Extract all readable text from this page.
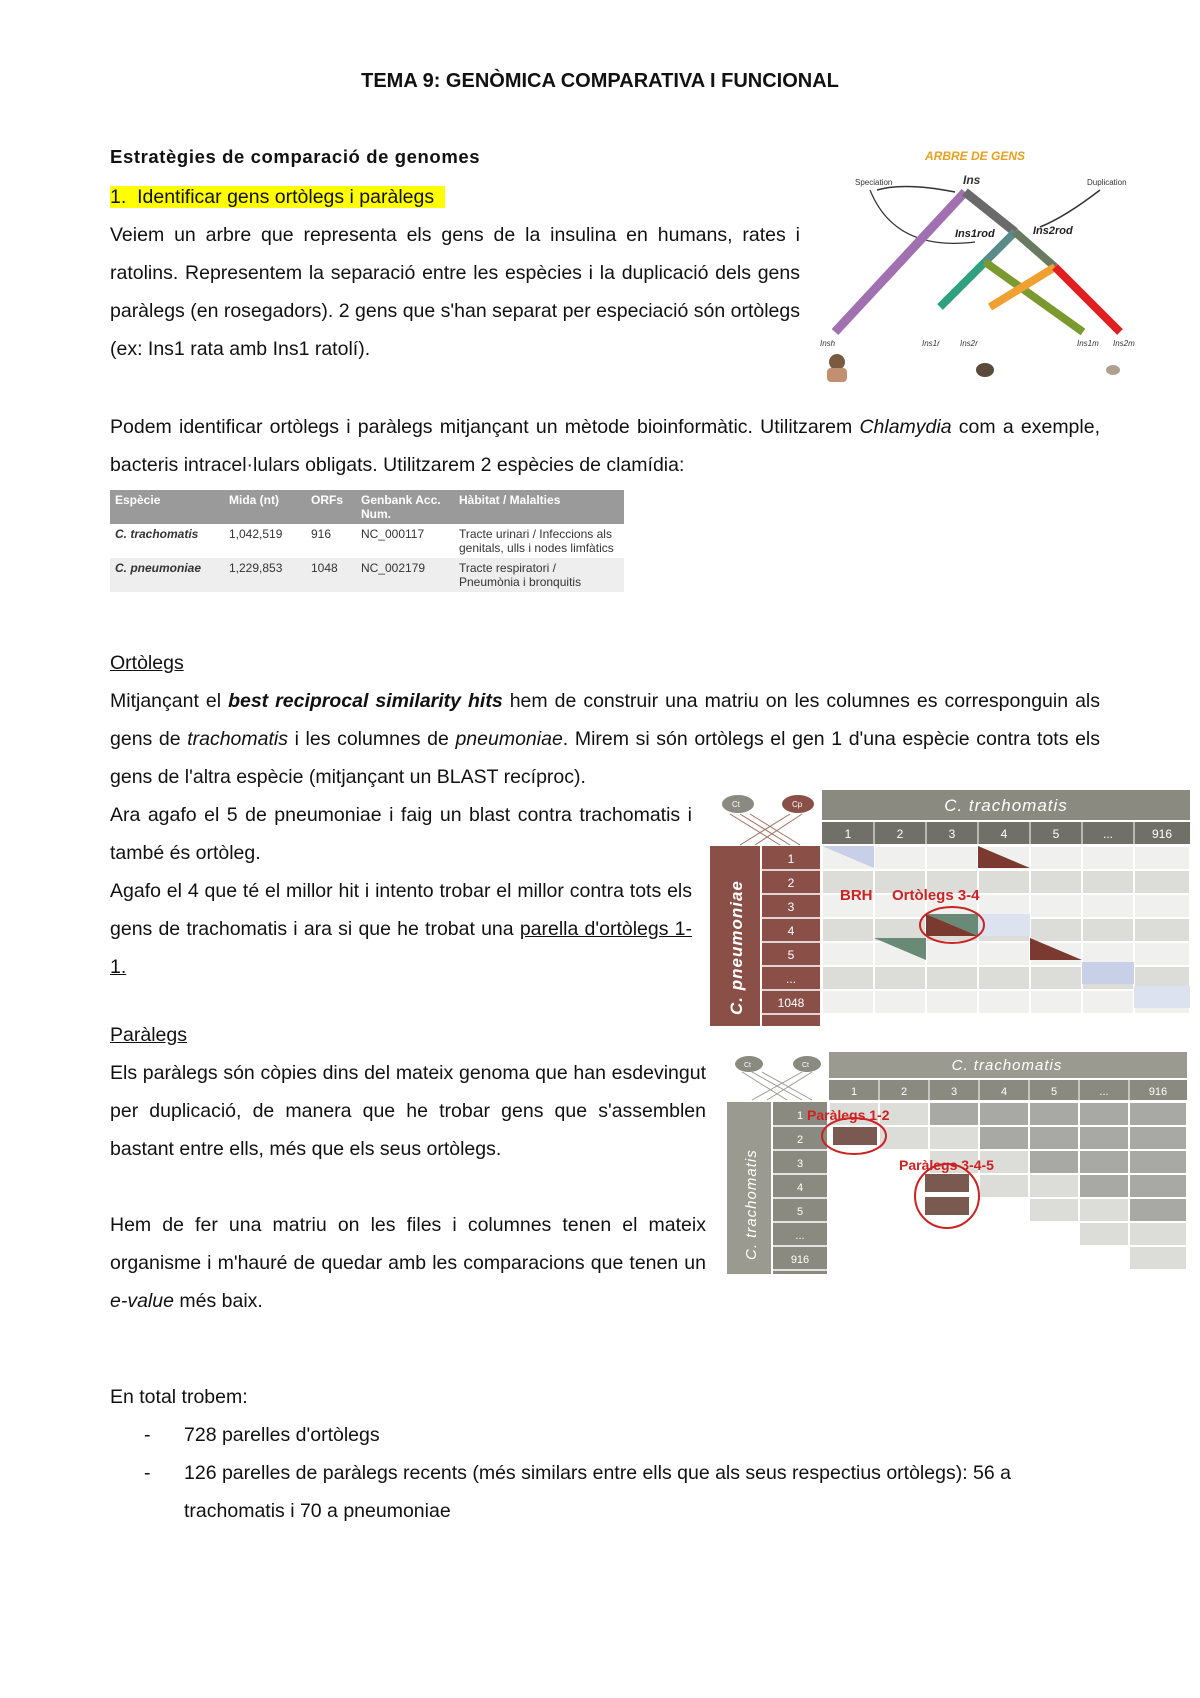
TEMA 9: GENÒMICA COMPARATIVA I FUNCIONAL
Estratègies de comparació de genomes
1. Identificar gens ortòlegs i paràlegs
Veiem un arbre que representa els gens de la insulina en humans, rates i ratolins. Representem la separació entre les espècies i la duplicació dels gens paràlegs (en rosegadors). 2 gens que s'han separat per especiació són ortòlegs (ex: Ins1 rata amb Ins1 ratolí).
ARBRE DE GENS
Speciation	Duplication
Ins
Ins1rod	Ins2rod
Insh	Ins1r	Ins2r	Ins1m Ins2m
Podem identificar ortòlegs i paràlegs mitjançant un mètode bioinformàtic. Utilitzarem Chlamydia com a exemple, bacteris intracel·lulars obligats. Utilitzarem 2 espècies de clamídia:
Espècie	Mida (nt)	ORFs	Genbank Acc. Num.	Hàbitat / Malalties
C. trachomatis	1,042,519	916	NC_000117	Tracte urinari / Infeccions als genitals, ulls i nodes limfàtics
C. pneumoniae	1,229,853	1048	NC_002179	Tracte respiratori / Pneumònia i bronquitis
Ortòlegs
Mitjançant el best reciprocal similarity hits hem de construir una matriu on les columnes es corresponguin als gens de trachomatis i les columnes de pneumoniae. Mirem si són ortòlegs el gen 1 d'una espècie contra tots els gens de l'altra espècie (mitjançant un BLAST recíproc).
Ara agafo el 5 de pneumoniae i faig un blast contra trachomatis i també és ortòleg.
Agafo el 4 que té el millor hit i intento trobar el millor contra tots els gens de trachomatis i ara si que he trobat una parella d'ortòlegs 1-1.
Ct	Cp	C. trachomatis
1	2	3	4	5	...	916
C. pneumoniae
1
2
3
4
5
...
1048
BRH Ortòlegs 3-4
Paràlegs
Els paràlegs són còpies dins del mateix genoma que han esdevingut per duplicació, de manera que he trobar gens que s'assemblen bastant entre ells, més que els seus ortòlegs.
Hem de fer una matriu on les files i columnes tenen el mateix organisme i m'hauré de quedar amb les comparacions que tenen un e-value més baix.
Ct	Ct	C. trachomatis
1	2	3	4	5	...	916
C. trachomatis
1
2
3
4
5
...
916
Paràlegs 1-2
Paràlegs 3-4-5
En total trobem:
- 728 parelles d'ortòlegs
- 126 parelles de paràlegs recents (més similars entre ells que als seus respectius ortòlegs): 56 a trachomatis i 70 a pneumoniae
